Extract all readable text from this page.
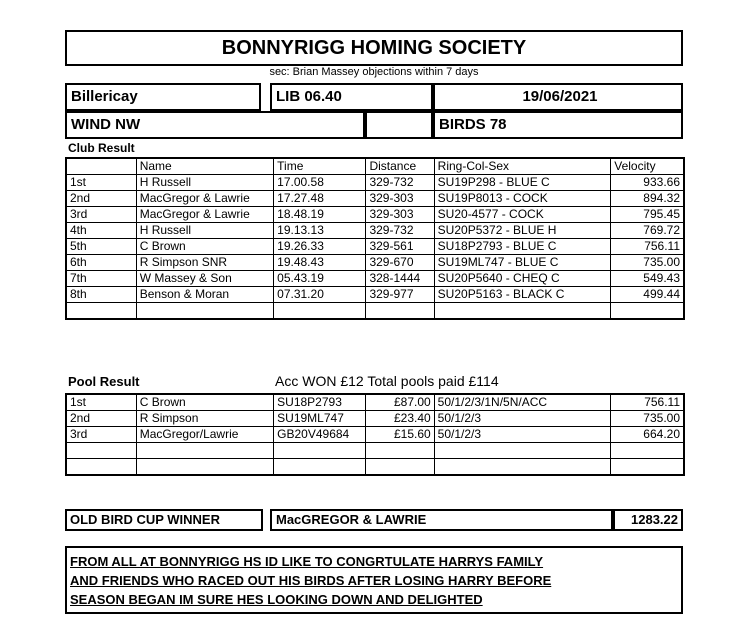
BONNYRIGG HOMING SOCIETY
sec: Brian Massey objections within 7 days
Billericay	LIB 06.40	19/06/2021
WIND NW	BIRDS 78
Club Result
	Name	Time	Distance	Ring-Col-Sex	Velocity
1st	H Russell	17.00.58	329-732	SU19P298 - BLUE C	933.66
2nd	MacGregor & Lawrie	17.27.48	329-303	SU19P8013 - COCK	894.32
3rd	MacGregor & Lawrie	18.48.19	329-303	SU20-4577 - COCK	795.45
4th	H Russell	19.13.13	329-732	SU20P5372 - BLUE H	769.72
5th	C Brown	19.26.33	329-561	SU18P2793 - BLUE C	756.11
6th	R Simpson SNR	19.48.43	329-670	SU19ML747 - BLUE C	735.00
7th	W Massey & Son	05.43.19	328-1444	SU20P5640 - CHEQ C	549.43
8th	Benson & Moran	07.31.20	329-977	SU20P5163 - BLACK C	499.44

Pool Result	Acc WON £12 Total pools paid £114
1st	C Brown	SU18P2793	£87.00	50/1/2/3/1N/5N/ACC	756.11
2nd	R Simpson	SU19ML747	£23.40	50/1/2/3	735.00
3rd	MacGregor/Lawrie	GB20V49684	£15.60	50/1/2/3	664.20

OLD BIRD CUP WINNER	MacGREGOR & LAWRIE	1283.22
FROM ALL AT BONNYRIGG HS ID LIKE TO CONGRTULATE HARRYS FAMILY
AND FRIENDS WHO RACED OUT HIS BIRDS AFTER LOSING HARRY BEFORE
SEASON BEGAN IM SURE HES LOOKING DOWN AND DELIGHTED
